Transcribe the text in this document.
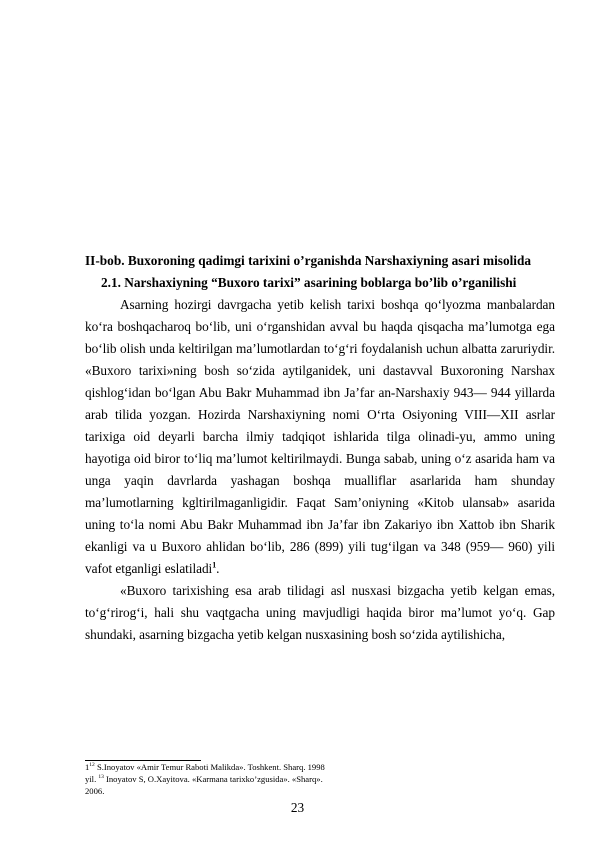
II-bob. Buxoroning qadimgi tarixini o’rganishda Narshaxiyning asari misolida

2.1. Narshaxiyning “Buxoro tarixi” asarining boblarga bo’lib o’rganilishi

Asarning hozirgi davrgacha yetib kelish tarixi boshqa qo‘lyozma manbalardan ko‘ra boshqacharoq bo‘lib, uni o‘rganshidan avval bu haqda qisqacha ma’lumotga ega bo‘lib olish unda keltirilgan ma’lumotlardan to‘g‘ri foydalanish uchun albatta zaruriydir. «Buxoro tarixi»ning bosh so‘zida aytilganidek, uni dastavval Buxoroning Narshax qishlog‘idan bo‘lgan Abu Bakr Muhammad ibn Ja’far an-Narshaxiy 943— 944 yillarda arab tilida yozgan. Hozirda Narshaxiyning nomi O‘rta Osiyoning VIII—XII asrlar tarixiga oid deyarli barcha ilmiy tadqiqot ishlarida tilga olinadi-yu, ammo uning hayotiga oid biror to‘liq ma’lumot keltirilmaydi. Bunga sabab, uning o‘z asarida ham va unga yaqin davrlarda yashagan boshqa mualliflar asarlarida ham shunday ma’lumotlarning kgltirilmaganligidir. Faqat Sam’oniyning «Kitob ulansab» asarida uning to‘la nomi Abu Bakr Muhammad ibn Ja’far ibn Zakariyo ibn Xattob ibn Sharik ekanligi va u Buxoro ahlidan bo‘lib, 286 (899) yili tug‘ilgan va 348 (959— 960) yili vafot etganligi eslatiladi$^1$.

«Buxoro tarixishing esa arab tilidagi asl nusxasi bizgacha yetib kelgan emas, to‘g‘rirog‘i, hali shu vaqtgacha uning mavjudligi haqida biror ma’lumot yo‘q. Gap shundaki, asarning bizgacha yetib kelgan nusxasining bosh so‘zida aytilishicha,

$1^{12}$ S.Inoyatov «Amir Temur Raboti Malikda». Toshkent. Sharq. 1998
yil. $^{13}$ Inoyatov S, O.Xayitova. «Karmana tarixko’zgusida». «Sharq».
2006.

23
